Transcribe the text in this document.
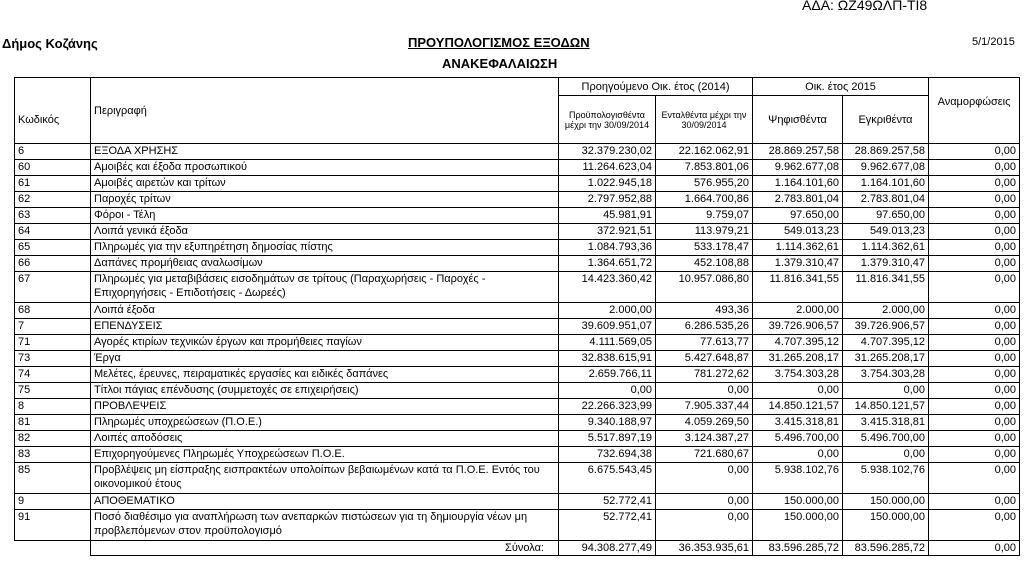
ΑΔΑ: ΩΖ49ΩΛΠ-ΤΙ8
Δήμος Κοζάνης	ΠΡΟΥΠΟΛΟΓΙΣΜΟΣ ΕΞΟΔΩΝ
ΑΝΑΚΕΦΑΛΑΙΩΣΗ
5/1/2015
Κωδικός	Περιγραφή	Προηγούμενο Οικ. έτος (2014)		Οικ. έτος 2015		Αναμορφώσεις
		Προϋπολογισθέντα μέχρι την 30/09/2014	Ενταλθέντα μέχρι την 30/09/2014	Ψηφισθέντα	Εγκριθέντα	
6	ΕΞΟΔΑ ΧΡΗΣΗΣ	32.379.230,02	22.162.062,91	28.869.257,58	28.869.257,58	0,00
60	Αμοιβές και έξοδα προσωπικού	11.264.623,04	7.853.801,06	9.962.677,08	9.962.677,08	0,00
61	Αμοιβές αιρετών και τρίτων	1.022.945,18	576.955,20	1.164.101,60	1.164.101,60	0,00
62	Παροχές τρίτων	2.797.952,88	1.664.700,86	2.783.801,04	2.783.801,04	0,00
63	Φόροι - Τέλη	45.981,91	9.759,07	97.650,00	97.650,00	0,00
64	Λοιπά γενικά έξοδα	372.921,51	113.979,21	549.013,23	549.013,23	0,00
65	Πληρωμές για την εξυπηρέτηση δημοσίας πίστης	1.084.793,36	533.178,47	1.114.362,61	1.114.362,61	0,00
66	Δαπάνες προμήθειας αναλωσίμων	1.364.651,72	452.108,88	1.379.310,47	1.379.310,47	0,00
67	Πληρωμές για μεταβιβάσεις εισοδημάτων σε τρίτους (Παραχωρήσεις - Παροχές - Επιχορηγήσεις - Επιδοτήσεις - Δωρεές)	14.423.360,42	10.957.086,80	11.816.341,55	11.816.341,55	0,00
68	Λοιπά έξοδα	2.000,00	493,36	2.000,00	2.000,00	0,00
7	ΕΠΕΝΔΥΣΕΙΣ	39.609.951,07	6.286.535,26	39.726.906,57	39.726.906,57	0,00
71	Αγορές κτιρίων τεχνικών έργων και προμήθειες παγίων	4.111.569,05	77.613,77	4.707.395,12	4.707.395,12	0,00
73	Έργα	32.838.615,91	5.427.648,87	31.265.208,17	31.265.208,17	0,00
74	Μελέτες, έρευνες, πειραματικές εργασίες και ειδικές δαπάνες	2.659.766,11	781.272,62	3.754.303,28	3.754.303,28	0,00
75	Τίτλοι πάγιας επένδυσης (συμμετοχές σε επιχειρήσεις)	0,00	0,00	0,00	0,00	0,00
8	ΠΡΟΒΛΕΨΕΙΣ	22.266.323,99	7.905.337,44	14.850.121,57	14.850.121,57	0,00
81	Πληρωμές υποχρεώσεων (Π.Ο.Ε.)	9.340.188,97	4.059.269,50	3.415.318,81	3.415.318,81	0,00
82	Λοιπές αποδόσεις	5.517.897,19	3.124.387,27	5.496.700,00	5.496.700,00	0,00
83	Επιχορηγούμενες Πληρωμές Υποχρεώσεων Π.Ο.Ε.	732.694,38	721.680,67	0,00	0,00	0,00
85	Προβλέψεις μη είσπραξης εισπρακτέων υπολοίπων βεβαιωμένων κατά τα Π.Ο.Ε. Εντός του οικονομικού έτους	6.675.543,45	0,00	5.938.102,76	5.938.102,76	0,00
9	ΑΠΟΘΕΜΑΤΙΚΟ	52.772,41	0,00	150.000,00	150.000,00	0,00
91	Ποσό διαθέσιμο για αναπλήρωση των ανεπαρκών πιστώσεων για τη δημιουργία νέων μη προβλεπόμενων στον προϋπολογισμό	52.772,41	0,00	150.000,00	150.000,00	0,00
	Σύνολα:	94.308.277,49	36.353.935,61	83.596.285,72	83.596.285,72	0,00
